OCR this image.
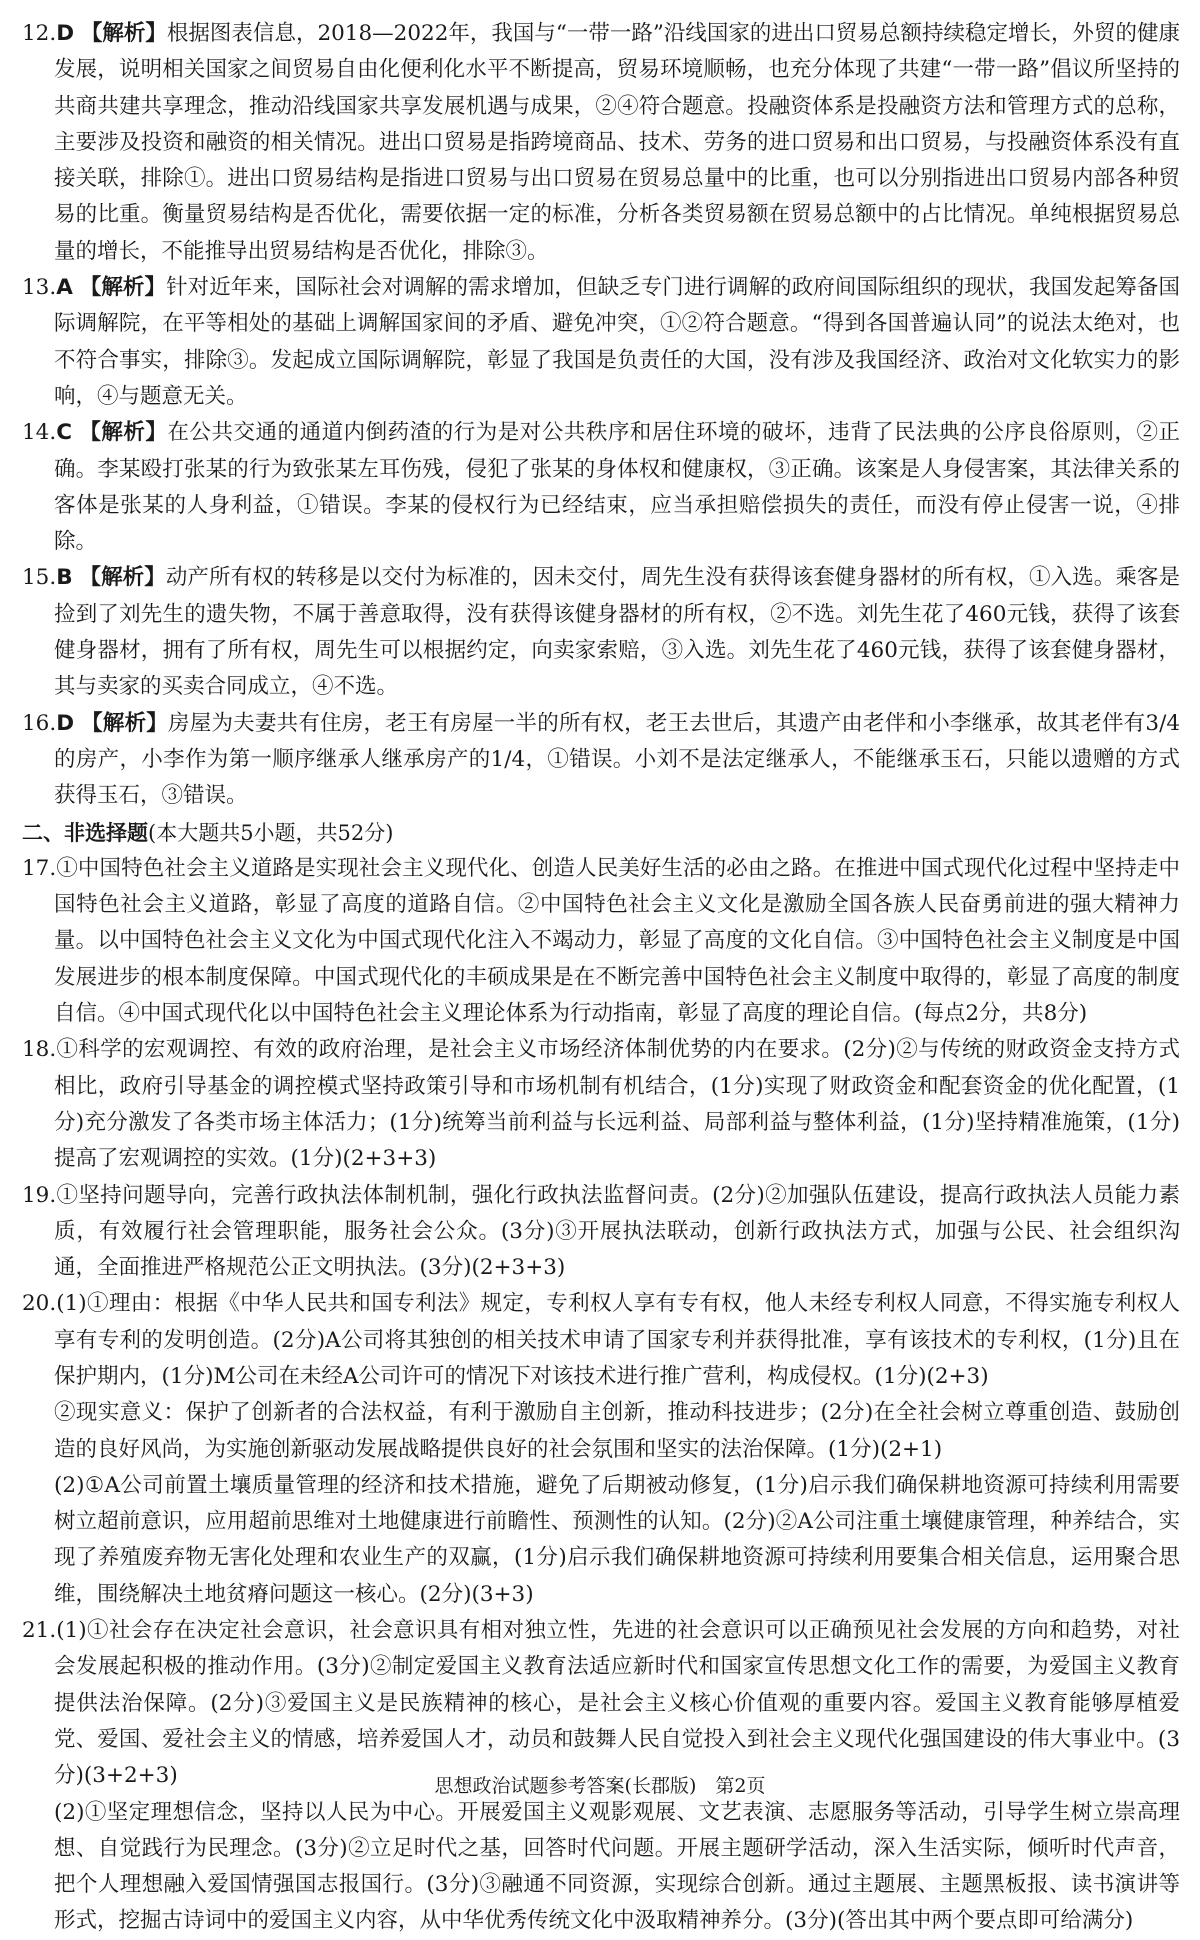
12.D 【解析】根据图表信息，2018—2022年，我国与“一带一路”沿线国家的进出口贸易总额持续稳定增长，外贸的健康发展，说明相关国家之间贸易自由化便利化水平不断提高，贸易环境顺畅，也充分体现了共建“一带一路”倡议所坚持的共商共建共享理念，推动沿线国家共享发展机遇与成果，②④符合题意。投融资体系是投融资方法和管理方式的总称，主要涉及投资和融资的相关情况。进出口贸易是指跨境商品、技术、劳务的进口贸易和出口贸易，与投融资体系没有直接关联，排除①。进出口贸易结构是指进口贸易与出口贸易在贸易总量中的比重，也可以分别指进出口贸易内部各种贸易的比重。衡量贸易结构是否优化，需要依据一定的标准，分析各类贸易额在贸易总额中的占比情况。单纯根据贸易总量的增长，不能推导出贸易结构是否优化，排除③。

13.A 【解析】针对近年来，国际社会对调解的需求增加，但缺乏专门进行调解的政府间国际组织的现状，我国发起筹备国际调解院，在平等相处的基础上调解国家间的矛盾、避免冲突，①②符合题意。“得到各国普遍认同”的说法太绝对，也不符合事实，排除③。发起成立国际调解院，彰显了我国是负责任的大国，没有涉及我国经济、政治对文化软实力的影响，④与题意无关。

14.C 【解析】在公共交通的通道内倒药渣的行为是对公共秩序和居住环境的破坏，违背了民法典的公序良俗原则，②正确。李某殴打张某的行为致张某左耳伤残，侵犯了张某的身体权和健康权，③正确。该案是人身侵害案，其法律关系的客体是张某的人身利益，①错误。李某的侵权行为已经结束，应当承担赔偿损失的责任，而没有停止侵害一说，④排除。

15.B 【解析】动产所有权的转移是以交付为标准的，因未交付，周先生没有获得该套健身器材的所有权，①入选。乘客是捡到了刘先生的遗失物，不属于善意取得，没有获得该健身器材的所有权，②不选。刘先生花了460元钱，获得了该套健身器材，拥有了所有权，周先生可以根据约定，向卖家索赔，③入选。刘先生花了460元钱，获得了该套健身器材，其与卖家的买卖合同成立，④不选。

16.D 【解析】房屋为夫妻共有住房，老王有房屋一半的所有权，老王去世后，其遗产由老伴和小李继承，故其老伴有3/4的房产，小李作为第一顺序继承人继承房产的1/4，①错误。小刘不是法定继承人，不能继承玉石，只能以遗赠的方式获得玉石，③错误。

二、非选择题(本大题共5小题，共52分)

17.①中国特色社会主义道路是实现社会主义现代化、创造人民美好生活的必由之路。在推进中国式现代化过程中坚持走中国特色社会主义道路，彰显了高度的道路自信。②中国特色社会主义文化是激励全国各族人民奋勇前进的强大精神力量。以中国特色社会主义文化为中国式现代化注入不竭动力，彰显了高度的文化自信。③中国特色社会主义制度是中国发展进步的根本制度保障。中国式现代化的丰硕成果是在不断完善中国特色社会主义制度中取得的，彰显了高度的制度自信。④中国式现代化以中国特色社会主义理论体系为行动指南，彰显了高度的理论自信。(每点2分，共8分)

18.①科学的宏观调控、有效的政府治理，是社会主义市场经济体制优势的内在要求。(2分)②与传统的财政资金支持方式相比，政府引导基金的调控模式坚持政策引导和市场机制有机结合，(1分)实现了财政资金和配套资金的优化配置，(1分)充分激发了各类市场主体活力；(1分)统筹当前利益与长远利益、局部利益与整体利益，(1分)坚持精准施策，(1分)提高了宏观调控的实效。(1分)(2+3+3)

19.①坚持问题导向，完善行政执法体制机制，强化行政执法监督问责。(2分)②加强队伍建设，提高行政执法人员能力素质，有效履行社会管理职能，服务社会公众。(3分)③开展执法联动，创新行政执法方式，加强与公民、社会组织沟通，全面推进严格规范公正文明执法。(3分)(2+3+3)

20.(1)①理由：根据《中华人民共和国专利法》规定，专利权人享有专有权，他人未经专利权人同意，不得实施专利权人享有专利的发明创造。(2分)A公司将其独创的相关技术申请了国家专利并获得批准，享有该技术的专利权，(1分)且在保护期内，(1分)M公司在未经A公司许可的情况下对该技术进行推广营利，构成侵权。(1分)(2+3)

②现实意义：保护了创新者的合法权益，有利于激励自主创新，推动科技进步；(2分)在全社会树立尊重创造、鼓励创造的良好风尚，为实施创新驱动发展战略提供良好的社会氛围和坚实的法治保障。(1分)(2+1)

(2)①A公司前置土壤质量管理的经济和技术措施，避免了后期被动修复，(1分)启示我们确保耕地资源可持续利用需要树立超前意识，应用超前思维对土地健康进行前瞻性、预测性的认知。(2分)②A公司注重土壤健康管理，种养结合，实现了养殖废弃物无害化处理和农业生产的双赢，(1分)启示我们确保耕地资源可持续利用要集合相关信息，运用聚合思维，围绕解决土地贫瘠问题这一核心。(2分)(3+3)

21.(1)①社会存在决定社会意识，社会意识具有相对独立性，先进的社会意识可以正确预见社会发展的方向和趋势，对社会发展起积极的推动作用。(3分)②制定爱国主义教育法适应新时代和国家宣传思想文化工作的需要，为爱国主义教育提供法治保障。(2分)③爱国主义是民族精神的核心，是社会主义核心价值观的重要内容。爱国主义教育能够厚植爱党、爱国、爱社会主义的情感，培养爱国人才，动员和鼓舞人民自觉投入到社会主义现代化强国建设的伟大事业中。(3分)(3+2+3)

(2)①坚定理想信念，坚持以人民为中心。开展爱国主义观影观展、文艺表演、志愿服务等活动，引导学生树立崇高理想、自觉践行为民理念。(3分)②立足时代之基，回答时代问题。开展主题研学活动，深入生活实际，倾听时代声音，把个人理想融入爱国情强国志报国行。(3分)③融通不同资源，实现综合创新。通过主题展、主题黑板报、读书演讲等形式，挖掘古诗词中的爱国主义内容，从中华优秀传统文化中汲取精神养分。(3分)(答出其中两个要点即可给满分)

思想政治试题参考答案(长郡版)　第2页
